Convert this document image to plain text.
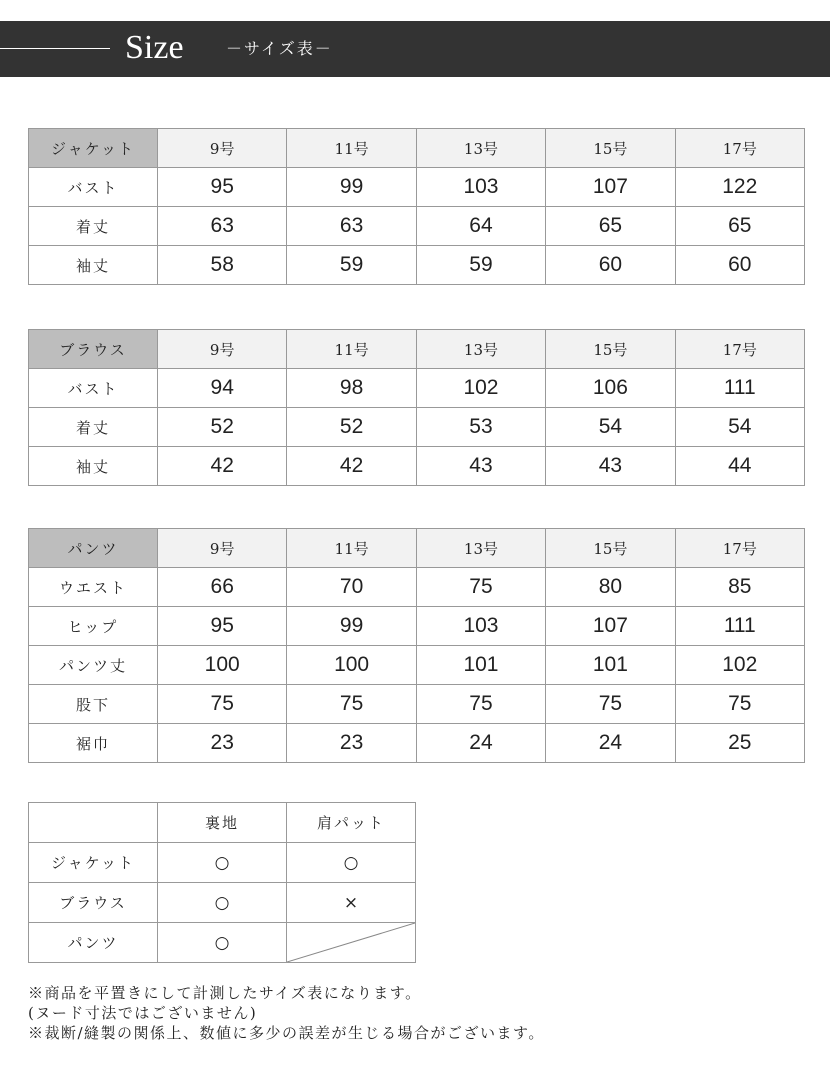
Size	－サイズ表－
ジャケット	9号	11号	13号	15号	17号
バスト	95	99	103	107	122
着丈	63	63	64	65	65
袖丈	58	59	59	60	60
ブラウス	9号	11号	13号	15号	17号
バスト	94	98	102	106	111
着丈	52	52	53	54	54
袖丈	42	42	43	43	44
パンツ	9号	11号	13号	15号	17号
ウエスト	66	70	75	80	85
ヒップ	95	99	103	107	111
パンツ丈	100	100	101	101	102
股下	75	75	75	75	75
裾巾	23	23	24	24	25
	裏地	肩パット
ジャケット	○	○
ブラウス	○	×
パンツ	○	
※商品を平置きにして計測したサイズ表になります。
(ヌード寸法ではございません)
※裁断/縫製の関係上、数値に多少の誤差が生じる場合がございます。
